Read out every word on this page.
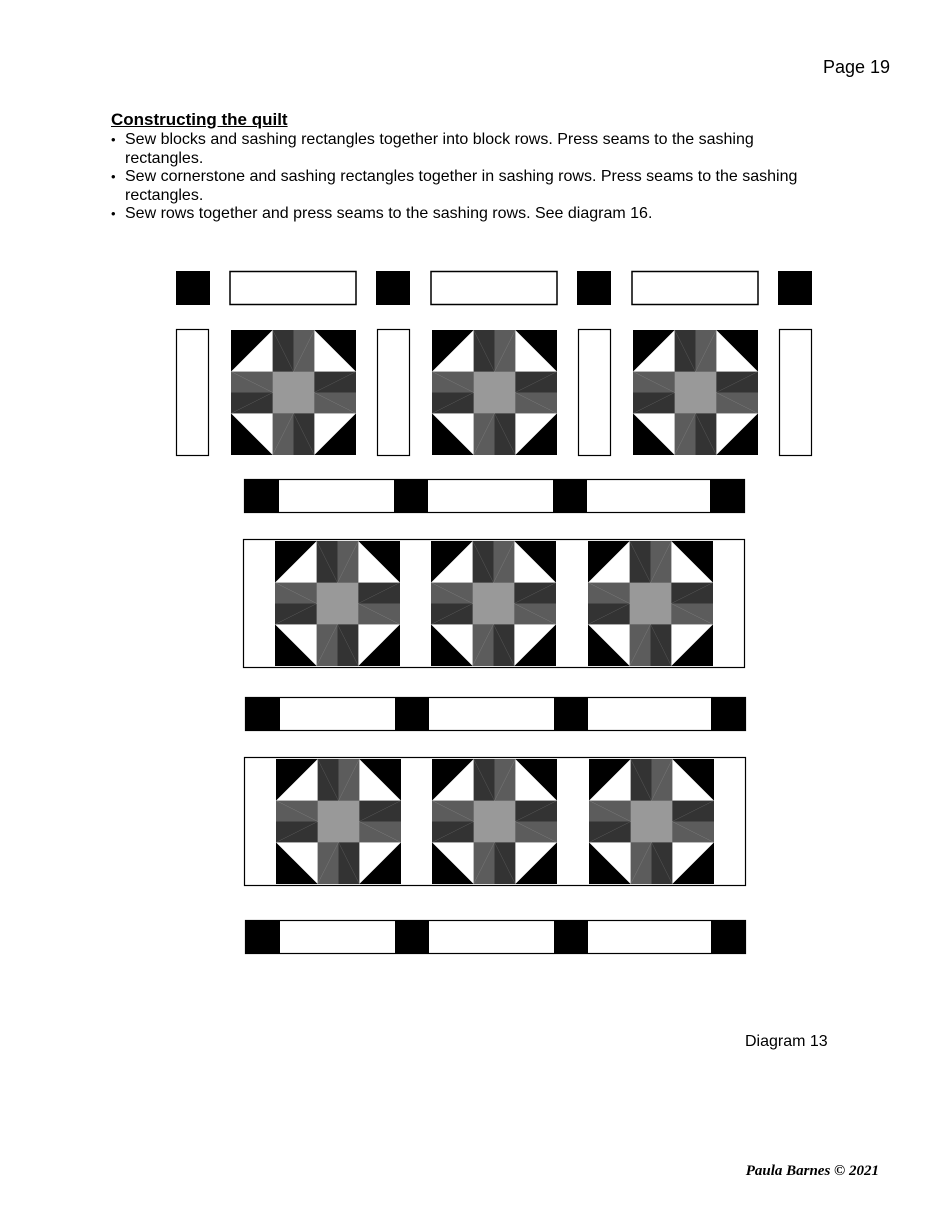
Page 19
Constructing the quilt
• Sew blocks and sashing rectangles together into block rows. Press seams to the sashing rectangles.
• Sew cornerstone and sashing rectangles together in sashing rows. Press seams to the sashing rectangles.
• Sew rows together and press seams to the sashing rows. See diagram 16.
Diagram 13
Paula Barnes © 2021
